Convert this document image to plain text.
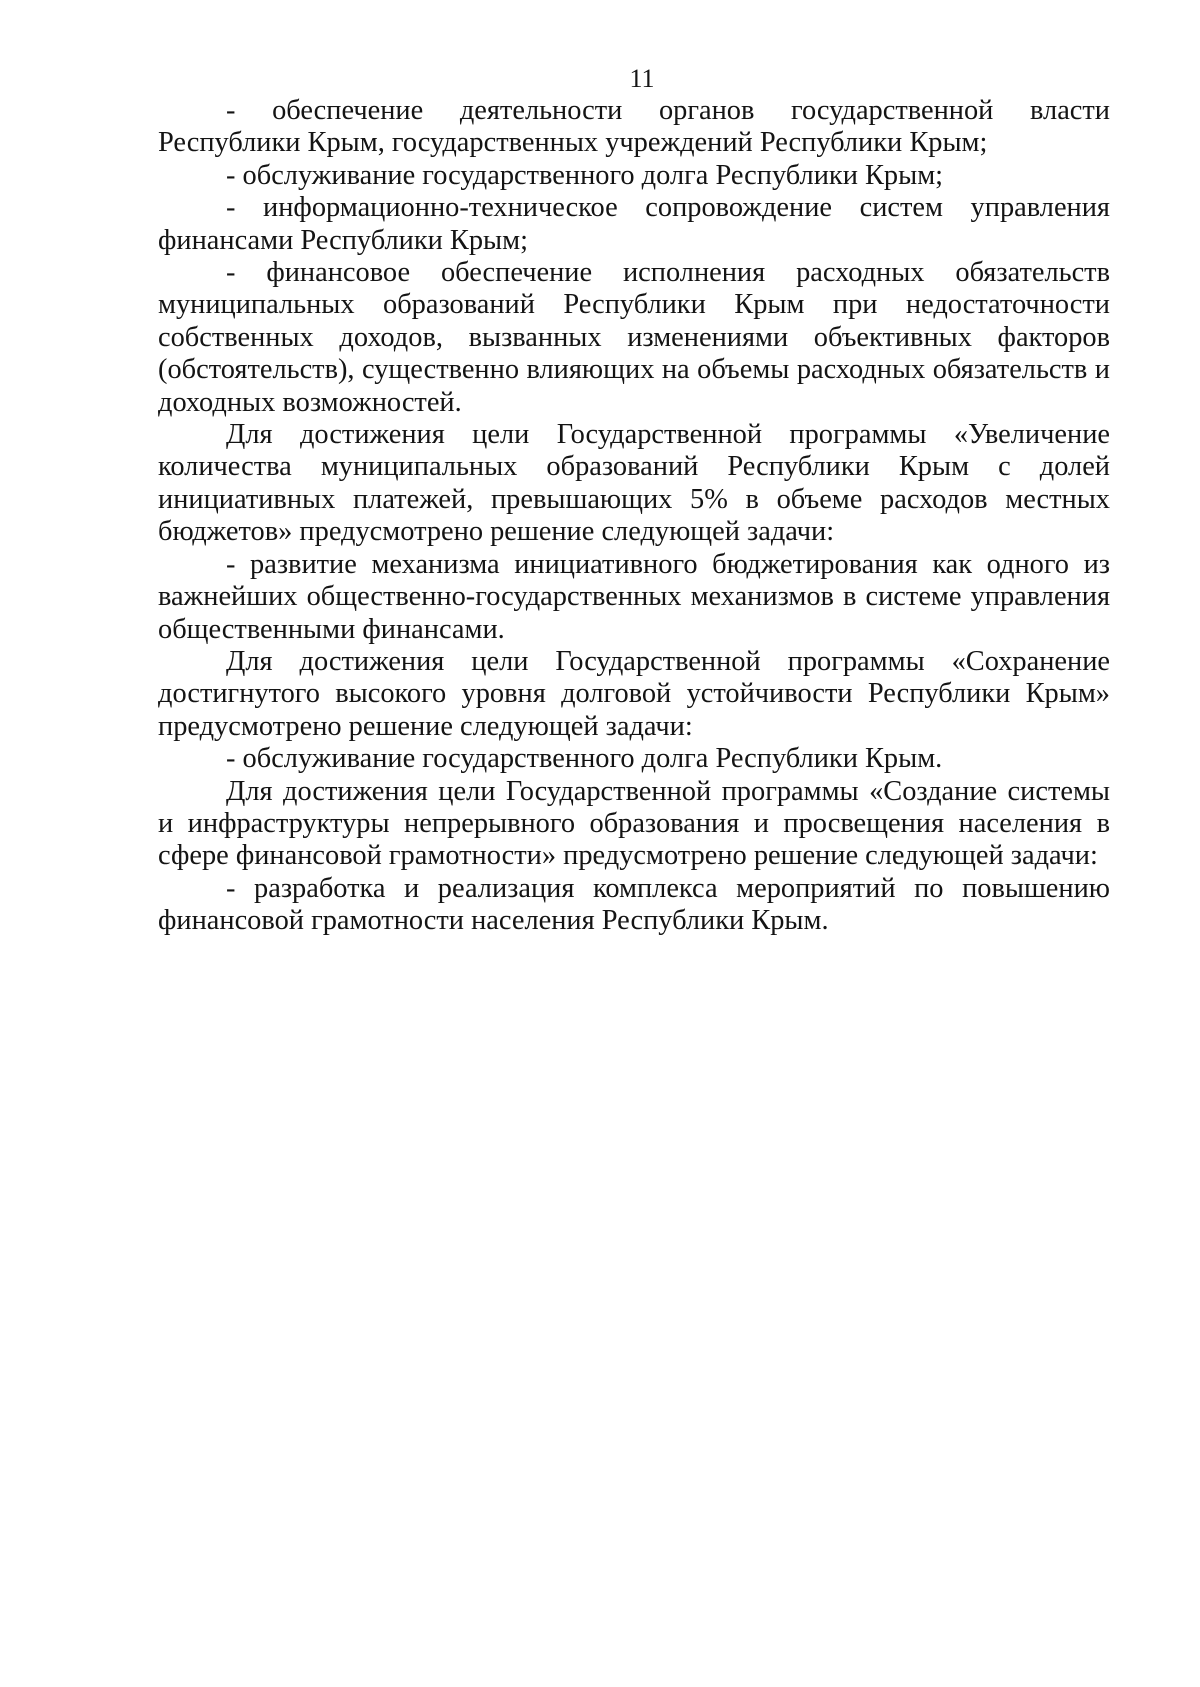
11

- обеспечение деятельности органов государственной власти Республики Крым, государственных учреждений Республики Крым;

- обслуживание государственного долга Республики Крым;

- информационно-техническое сопровождение систем управления финансами Республики Крым;

- финансовое обеспечение исполнения расходных обязательств муниципальных образований Республики Крым при недостаточности собственных доходов, вызванных изменениями объективных факторов (обстоятельств), существенно влияющих на объемы расходных обязательств и доходных возможностей.

Для достижения цели Государственной программы «Увеличение количества муниципальных образований Республики Крым с долей инициативных платежей, превышающих 5% в объеме расходов местных бюджетов» предусмотрено решение следующей задачи:

- развитие механизма инициативного бюджетирования как одного из важнейших общественно-государственных механизмов в системе управления общественными финансами.

Для достижения цели Государственной программы «Сохранение достигнутого высокого уровня долговой устойчивости Республики Крым» предусмотрено решение следующей задачи:

- обслуживание государственного долга Республики Крым.

Для достижения цели Государственной программы «Создание системы и инфраструктуры непрерывного образования и просвещения населения в сфере финансовой грамотности» предусмотрено решение следующей задачи:

- разработка и реализация комплекса мероприятий по повышению финансовой грамотности населения Республики Крым.
